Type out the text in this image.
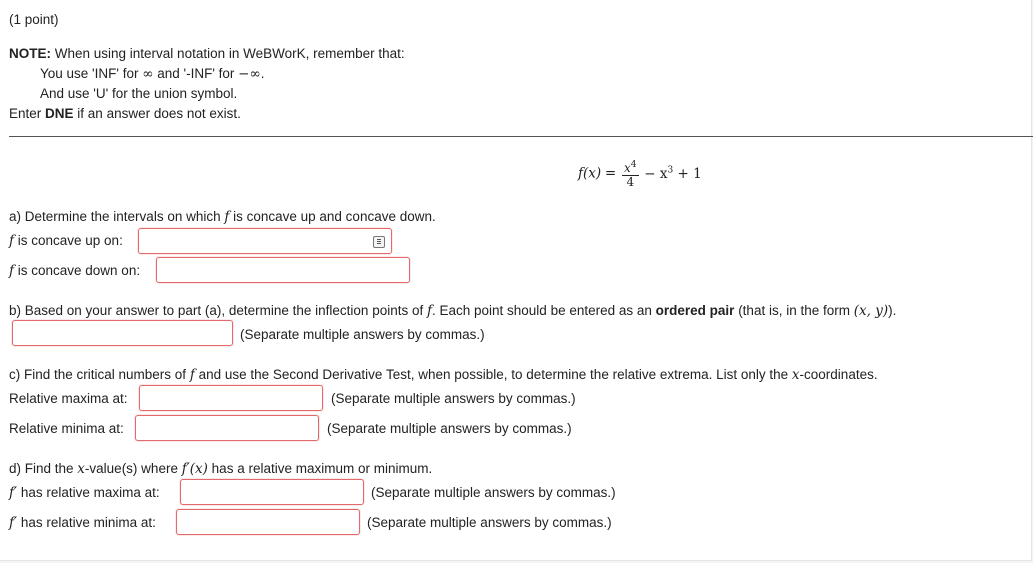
(1 point)
NOTE: When using interval notation in WeBWorK, remember that:
You use 'INF' for ∞ and '-INF' for −∞.
And use 'U' for the union symbol.
Enter DNE if an answer does not exist.
$f(x) = \frac{x^4}{4} - x^3 + 1$
a) Determine the intervals on which f is concave up and concave down.
f is concave up on:
f is concave down on:
b) Based on your answer to part (a), determine the inflection points of f. Each point should be entered as an ordered pair (that is, in the form (x, y)).
(Separate multiple answers by commas.)
c) Find the critical numbers of f and use the Second Derivative Test, when possible, to determine the relative extrema. List only the x-coordinates.
Relative maxima at:	(Separate multiple answers by commas.)
Relative minima at:	(Separate multiple answers by commas.)
d) Find the x-value(s) where f′(x) has a relative maximum or minimum.
f′ has relative maxima at:	(Separate multiple answers by commas.)
f′ has relative minima at:	(Separate multiple answers by commas.)
